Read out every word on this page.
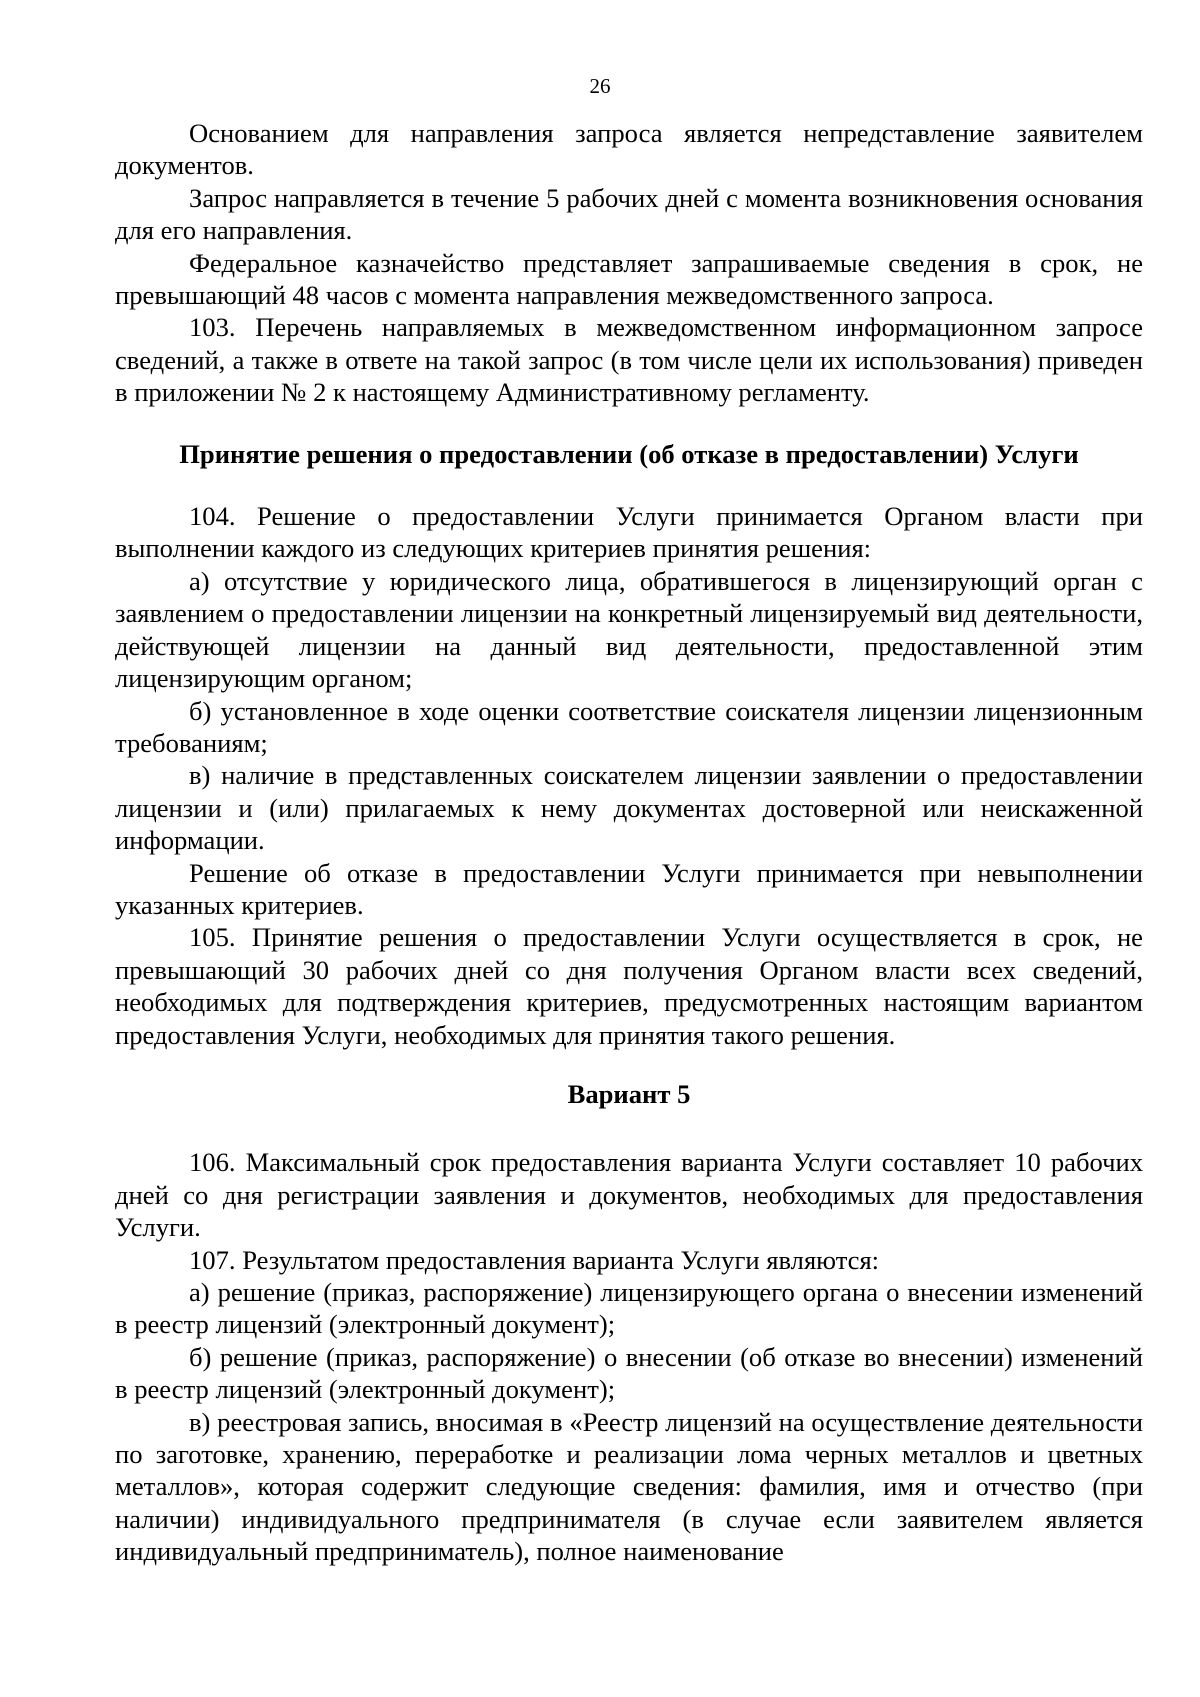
26

Основанием для направления запроса является непредставление заявителем документов.

Запрос направляется в течение 5 рабочих дней с момента возникновения основания для его направления.

Федеральное казначейство представляет запрашиваемые сведения в срок, не превышающий 48 часов с момента направления межведомственного запроса.

103. Перечень направляемых в межведомственном информационном запросе сведений, а также в ответе на такой запрос (в том числе цели их использования) приведен в приложении № 2 к настоящему Административному регламенту.

Принятие решения о предоставлении (об отказе в предоставлении) Услуги

104. Решение о предоставлении Услуги принимается Органом власти при выполнении каждого из следующих критериев принятия решения:

а) отсутствие у юридического лица, обратившегося в лицензирующий орган с заявлением о предоставлении лицензии на конкретный лицензируемый вид деятельности, действующей лицензии на данный вид деятельности, предоставленной этим лицензирующим органом;

б) установленное в ходе оценки соответствие соискателя лицензии лицензионным требованиям;

в) наличие в представленных соискателем лицензии заявлении о предоставлении лицензии и (или) прилагаемых к нему документах достоверной или неискаженной информации.

Решение об отказе в предоставлении Услуги принимается при невыполнении указанных критериев.

105. Принятие решения о предоставлении Услуги осуществляется в срок, не превышающий 30 рабочих дней со дня получения Органом власти всех сведений, необходимых для подтверждения критериев, предусмотренных настоящим вариантом предоставления Услуги, необходимых для принятия такого решения.

Вариант 5

106. Максимальный срок предоставления варианта Услуги составляет 10 рабочих дней со дня регистрации заявления и документов, необходимых для предоставления Услуги.

107. Результатом предоставления варианта Услуги являются:

а) решение (приказ, распоряжение) лицензирующего органа о внесении изменений в реестр лицензий (электронный документ);

б) решение (приказ, распоряжение) о внесении (об отказе во внесении) изменений в реестр лицензий (электронный документ);

в) реестровая запись, вносимая в «Реестр лицензий на осуществление деятельности по заготовке, хранению, переработке и реализации лома черных металлов и цветных металлов», которая содержит следующие сведения: фамилия, имя и отчество (при наличии) индивидуального предпринимателя (в случае если заявителем является индивидуальный предприниматель), полное наименование
